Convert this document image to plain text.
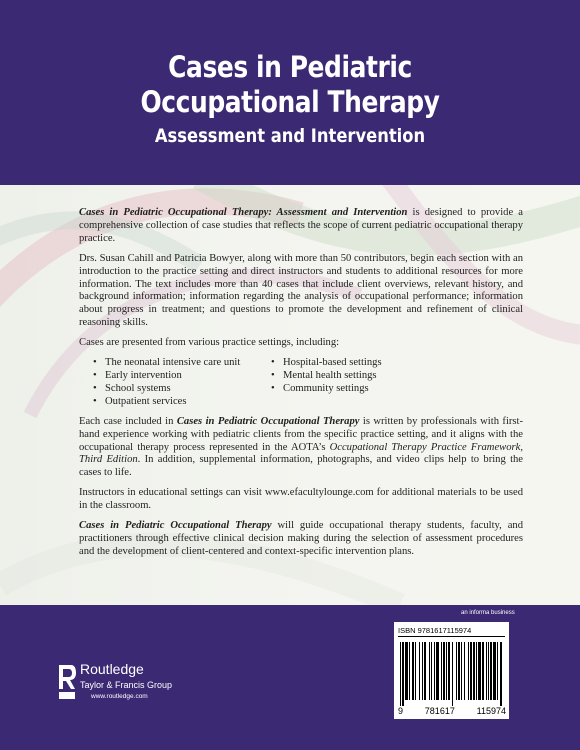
Cases in Pediatric
Occupational Therapy
Assessment and Intervention

Cases in Pediatric Occupational Therapy: Assessment and Intervention is designed to provide a comprehensive collection of case studies that reflects the scope of current pediatric occupational therapy practice.

Drs. Susan Cahill and Patricia Bowyer, along with more than 50 contributors, begin each section with an introduction to the practice setting and direct instructors and students to additional resources for more information. The text includes more than 40 cases that include client overviews, relevant history, and background information; information regarding the analysis of occupational performance; information about progress in treatment; and questions to promote the development and refinement of clinical reasoning skills.

Cases are presented from various practice settings, including:

• The neonatal intensive care unit
• Early intervention
• School systems
• Outpatient services
• Hospital-based settings
• Mental health settings
• Community settings

Each case included in Cases in Pediatric Occupational Therapy is written by professionals with first-hand experience working with pediatric clients from the specific practice setting, and it aligns with the occupational therapy process represented in the AOTA’s Occupational Therapy Practice Framework, Third Edition. In addition, supplemental information, photographs, and video clips help to bring the cases to life.

Instructors in educational settings can visit www.efacultylounge.com for additional materials to be used in the classroom.

Cases in Pediatric Occupational Therapy will guide occupational therapy students, faculty, and practitioners through effective clinical decision making during the selection of assessment procedures and the development of client-centered and context-specific intervention plans.

an informa business
ISBN 9781617115974
9 781617 115974
Routledge
Taylor & Francis Group
www.routledge.com
